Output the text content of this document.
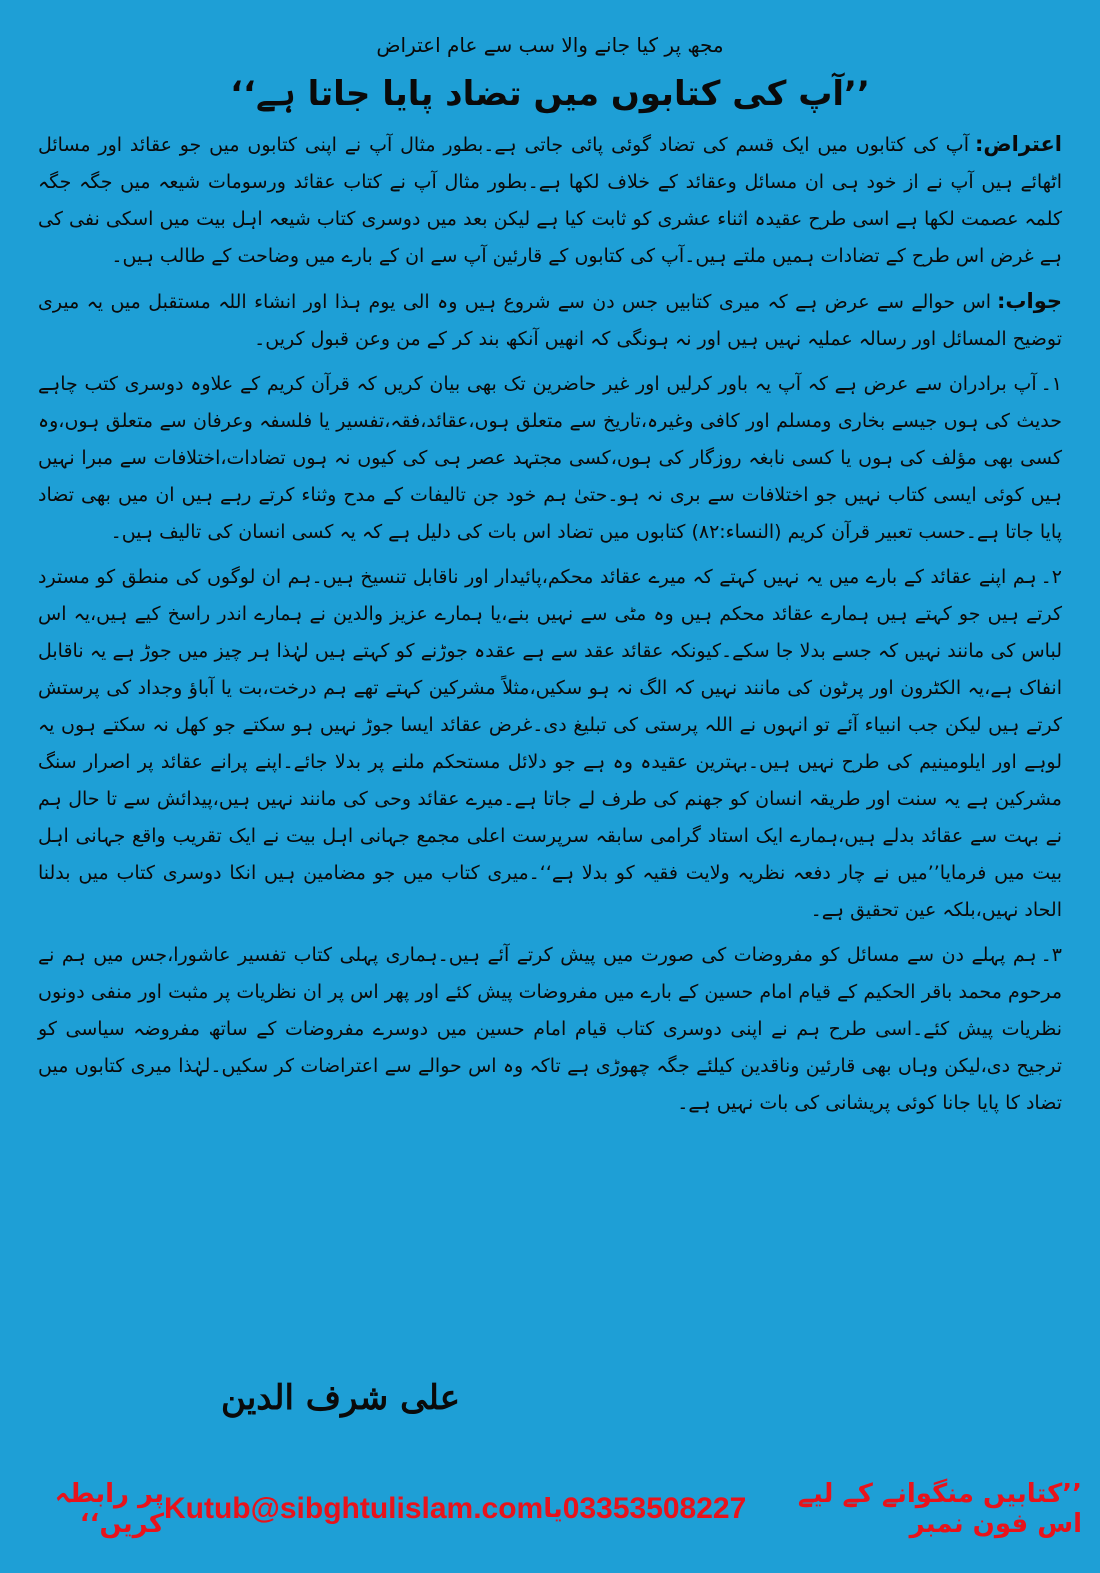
مجھ پر کیا جانے والا سب سے عام اعتراض

’’آپ کی کتابوں میں تضاد پایا جاتا ہے‘‘

اعتراض:آپ کی کتابوں میں ایک قسم کی تضاد گوئی پائی جاتی ہے۔بطور مثال آپ نے اپنی کتابوں میں جو عقائد اور مسائل اٹھائے ہیں آپ نے از خود ہی ان مسائل وعقائد کے خلاف لکھا ہے۔بطور مثال آپ نے کتاب عقائد ورسومات شیعہ میں جگہ جگہ کلمہ عصمت لکھا ہے اسی طرح عقیدہ اثناء عشری کو ثابت کیا ہے لیکن بعد میں دوسری کتاب شیعہ اہل بیت میں اسکی نفی کی ہے غرض اس طرح کے تضادات ہمیں ملتے ہیں۔آپ کی کتابوں کے قارئین آپ سے ان کے بارے میں وضاحت کے طالب ہیں۔

جواب:اس حوالے سے عرض ہے کہ میری کتابیں جس دن سے شروع ہیں وہ الی یوم ہذا اور انشاء اللہ مستقبل میں یہ میری توضیح المسائل اور رسالہ عملیہ نہیں ہیں اور نہ ہونگی کہ انھیں آنکھ بند کر کے من وعن قبول کریں۔

۱۔آپ برادران سے عرض ہے کہ آپ یہ باور کرلیں اور غیر حاضرین تک بھی بیان کریں کہ قرآن کریم کے علاوہ دوسری کتب چاہے حدیث کی ہوں جیسے بخاری ومسلم اور کافی وغیرہ،تاریخ سے متعلق ہوں،عقائد،فقہ،تفسیر یا فلسفہ وعرفان سے متعلق ہوں،وہ کسی بھی مؤلف کی ہوں یا کسی نابغہ روزگار کی ہوں،کسی مجتہد عصر ہی کی کیوں نہ ہوں تضادات،اختلافات سے مبرا نہیں ہیں کوئی ایسی کتاب نہیں جو اختلافات سے بری نہ ہو۔حتیٰ ہم خود جن تالیفات کے مدح وثناء کرتے رہے ہیں ان میں بھی تضاد پایا جاتا ہے۔حسب تعبیر قرآن کریم (النساء:۸۲) کتابوں میں تضاد اس بات کی دلیل ہے کہ یہ کسی انسان کی تالیف ہیں۔

۲۔ہم اپنے عقائد کے بارے میں یہ نہیں کہتے کہ میرے عقائد محکم،پائیدار اور ناقابل تنسیخ ہیں۔ہم ان لوگوں کی منطق کو مسترد کرتے ہیں جو کہتے ہیں ہمارے عقائد محکم ہیں وہ مٹی سے نہیں بنے،یا ہمارے عزیز والدین نے ہمارے اندر راسخ کیے ہیں،یہ اس لباس کی مانند نہیں کہ جسے بدلا جا سکے۔کیونکہ عقائد عقد سے ہے عقدہ جوڑنے کو کہتے ہیں لہٰذا ہر چیز میں جوڑ ہے یہ ناقابل انفاک ہے،یہ الکٹرون اور پرٹون کی مانند نہیں کہ الگ نہ ہو سکیں،مثلاً مشرکین کہتے تھے ہم درخت،بت یا آباؤ وجداد کی پرستش کرتے ہیں لیکن جب انبیاء آئے تو انہوں نے اللہ پرستی کی تبلیغ دی۔غرض عقائد ایسا جوڑ نہیں ہو سکتے جو کھل نہ سکتے ہوں یہ لوہے اور ایلومینیم کی طرح نہیں ہیں۔بہترین عقیدہ وہ ہے جو دلائل مستحکم ملنے پر بدلا جائے۔اپنے پرانے عقائد پر اصرار سنگ مشرکین ہے یہ سنت اور طریقہ انسان کو جھنم کی طرف لے جاتا ہے۔میرے عقائد وحی کی مانند نہیں ہیں،پیدائش سے تا حال ہم نے بہت سے عقائد بدلے ہیں،ہمارے ایک استاد گرامی سابقہ سرپرست اعلی مجمع جہانی اہل بیت نے ایک تقریب واقع جہانی اہل بیت میں فرمایا’’میں نے چار دفعہ نظریہ ولایت فقیہ کو بدلا ہے‘‘۔میری کتاب میں جو مضامین ہیں انکا دوسری کتاب میں بدلنا الحاد نہیں،بلکہ عین تحقیق ہے۔

۳۔ہم پہلے دن سے مسائل کو مفروضات کی صورت میں پیش کرتے آئے ہیں۔ہماری پہلی کتاب تفسیر عاشورا،جس میں ہم نے مرحوم محمد باقر الحکیم کے قیام امام حسین کے بارے میں مفروضات پیش کئے اور پھر اس پر ان نظریات پر مثبت اور منفی دونوں نظریات پیش کئے۔اسی طرح ہم نے اپنی دوسری کتاب قیام امام حسین میں دوسرے مفروضات کے ساتھ مفروضہ سیاسی کو ترجیح دی،لیکن وہاں بھی قارئین وناقدین کیلئے جگہ چھوڑی ہے تاکہ وہ اس حوالے سے اعتراضات کر سکیں۔لہٰذا میری کتابوں میں تضاد کا پایا جانا کوئی پریشانی کی بات نہیں ہے۔

علی شرف الدین
پر رابطہ کریں‘‘ Kutub@sibghtulislam.com یا 03353508227	’’کتابیں منگوانے کے لیے اس فون نمبر
